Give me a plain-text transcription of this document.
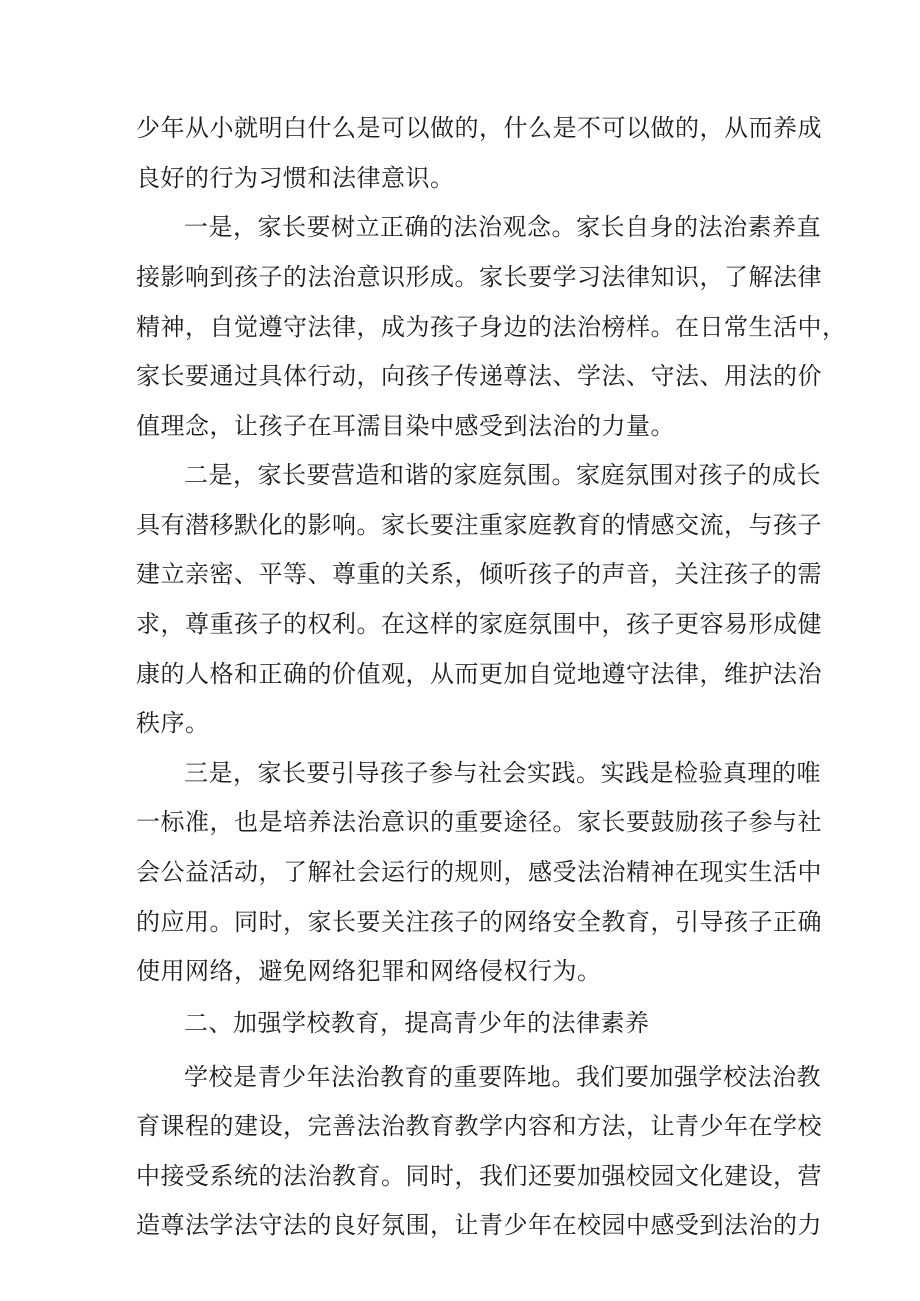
少年从小就明白什么是可以做的，什么是不可以做的，从而养成
良好的行为习惯和法律意识。
一是，家长要树立正确的法治观念。家长自身的法治素养直
接影响到孩子的法治意识形成。家长要学习法律知识，了解法律
精神，自觉遵守法律，成为孩子身边的法治榜样。在日常生活中，
家长要通过具体行动，向孩子传递尊法、学法、守法、用法的价
值理念，让孩子在耳濡目染中感受到法治的力量。
二是，家长要营造和谐的家庭氛围。家庭氛围对孩子的成长
具有潜移默化的影响。家长要注重家庭教育的情感交流，与孩子
建立亲密、平等、尊重的关系，倾听孩子的声音，关注孩子的需
求，尊重孩子的权利。在这样的家庭氛围中，孩子更容易形成健
康的人格和正确的价值观，从而更加自觉地遵守法律，维护法治
秩序。
三是，家长要引导孩子参与社会实践。实践是检验真理的唯
一标准，也是培养法治意识的重要途径。家长要鼓励孩子参与社
会公益活动，了解社会运行的规则，感受法治精神在现实生活中
的应用。同时，家长要关注孩子的网络安全教育，引导孩子正确
使用网络，避免网络犯罪和网络侵权行为。
二、加强学校教育，提高青少年的法律素养
学校是青少年法治教育的重要阵地。我们要加强学校法治教
育课程的建设，完善法治教育教学内容和方法，让青少年在学校
中接受系统的法治教育。同时，我们还要加强校园文化建设，营
造尊法学法守法的良好氛围，让青少年在校园中感受到法治的力
